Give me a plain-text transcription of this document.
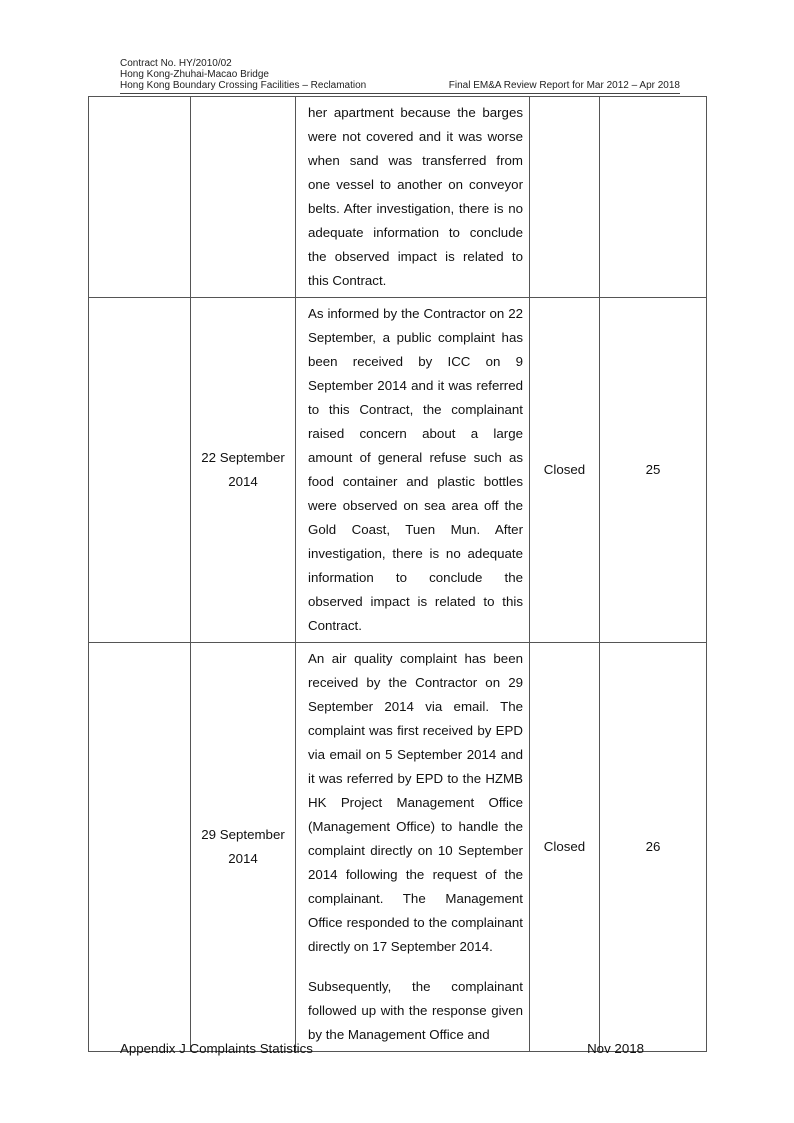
Contract No. HY/2010/02
Hong Kong-Zhuhai-Macao Bridge
Hong Kong Boundary Crossing Facilities – Reclamation	Final EM&A Review Report for Mar 2012 – Apr 2018

		her apartment because the barges were not covered and it was worse when sand was transferred from one vessel to another on conveyor belts. After investigation, there is no adequate information to conclude the observed impact is related to this Contract.		

	22 September 2014	As informed by the Contractor on 22 September, a public complaint has been received by ICC on 9 September 2014 and it was referred to this Contract, the complainant raised concern about a large amount of general refuse such as food container and plastic bottles were observed on sea area off the Gold Coast, Tuen Mun. After investigation, there is no adequate information to conclude the observed impact is related to this Contract.	Closed	25
	29 September 2014	An air quality complaint has been received by the Contractor on 29 September 2014 via email. The complaint was first received by EPD via email on 5 September 2014 and it was referred by EPD to the HZMB HK Project Management Office (Management Office) to handle the complaint directly on 10 September 2014 following the request of the complainant. The Management Office responded to the complainant directly on 17 September 2014.

Subsequently, the complainant followed up with the response given by the Management Office and	Closed	26
Appendix J Complaints Statistics	Nov 2018
